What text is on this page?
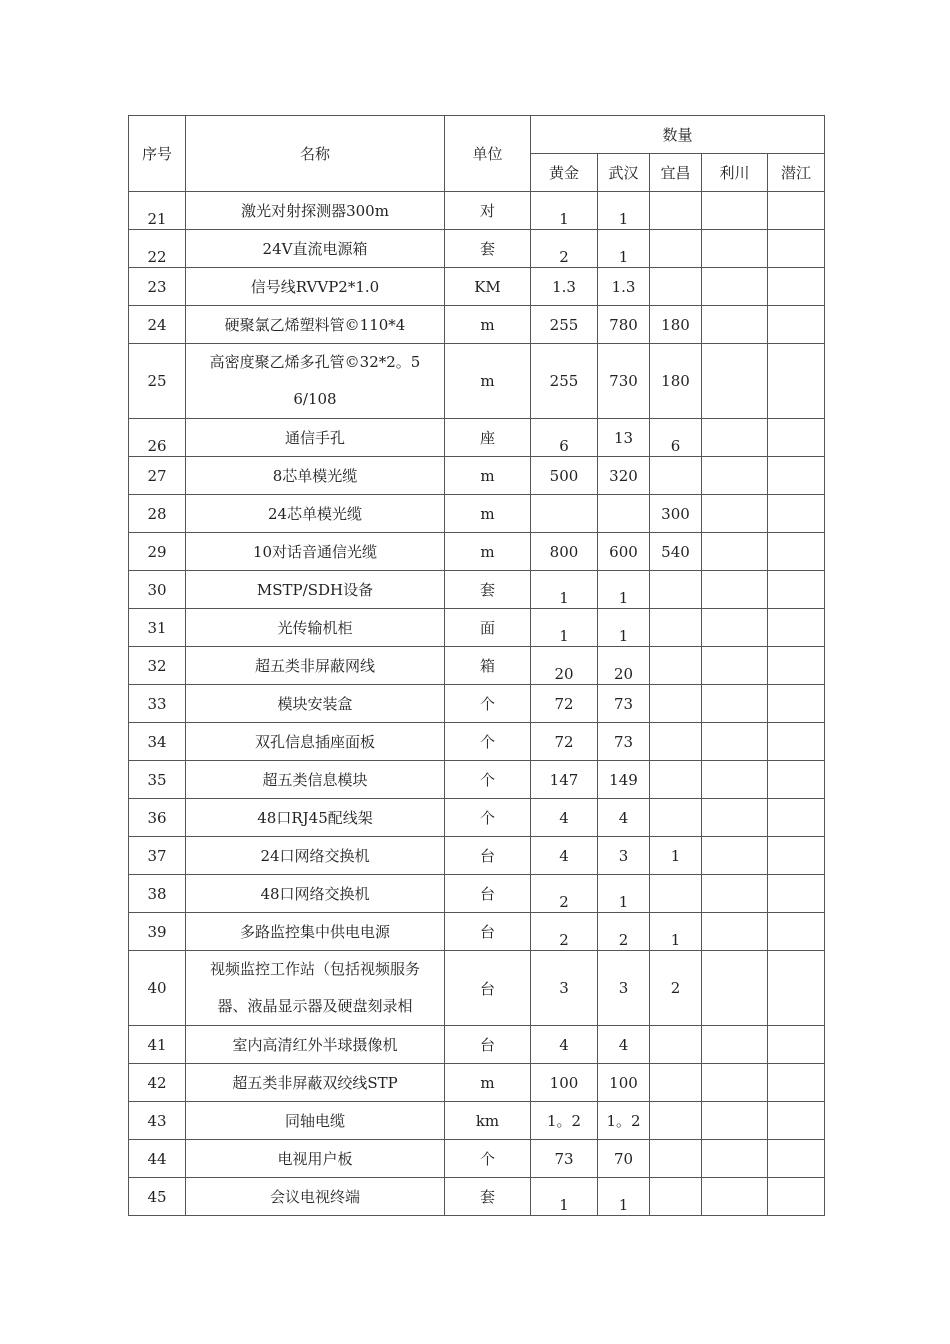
序号	名称	单位	数量				
			黄金	武汉	宜昌	利川	潜江
21	激光对射探测器300m	对	1	1			
22	24V直流电源箱	套	2	1			
23	信号线RVVP2*1.0	KM	1.3	1.3			
24	硬聚氯乙烯塑料管©110*4	m	255	780	180		
25	高密度聚乙烯多孔管©32*2。5
6/108	m	255	730	180		
26	通信手孔	座	6	13	6		
27	8芯单模光缆	m	500	320			
28	24芯单模光缆	m			300		
29	10对话音通信光缆	m	800	600	540		
30	MSTP/SDH设备	套	1	1			
31	光传输机柜	面	1	1			
32	超五类非屏蔽网线	箱	20	20			
33	模块安装盒	个	72	73			
34	双孔信息插座面板	个	72	73			
35	超五类信息模块	个	147	149			
36	48口RJ45配线架	个	4	4			
37	24口网络交换机	台	4	3	1		
38	48口网络交换机	台	2	1			
39	多路监控集中供电电源	台	2	2	1		
40	视频监控工作站（包括视频服务
器、液晶显示器及硬盘刻录相	台	3	3	2		
41	室内高清红外半球摄像机	台	4	4			
42	超五类非屏蔽双绞线STP	m	100	100			
43	同轴电缆	km	1。2	1。2			
44	电视用户板	个	73	70			
45	会议电视终端	套	1	1			
